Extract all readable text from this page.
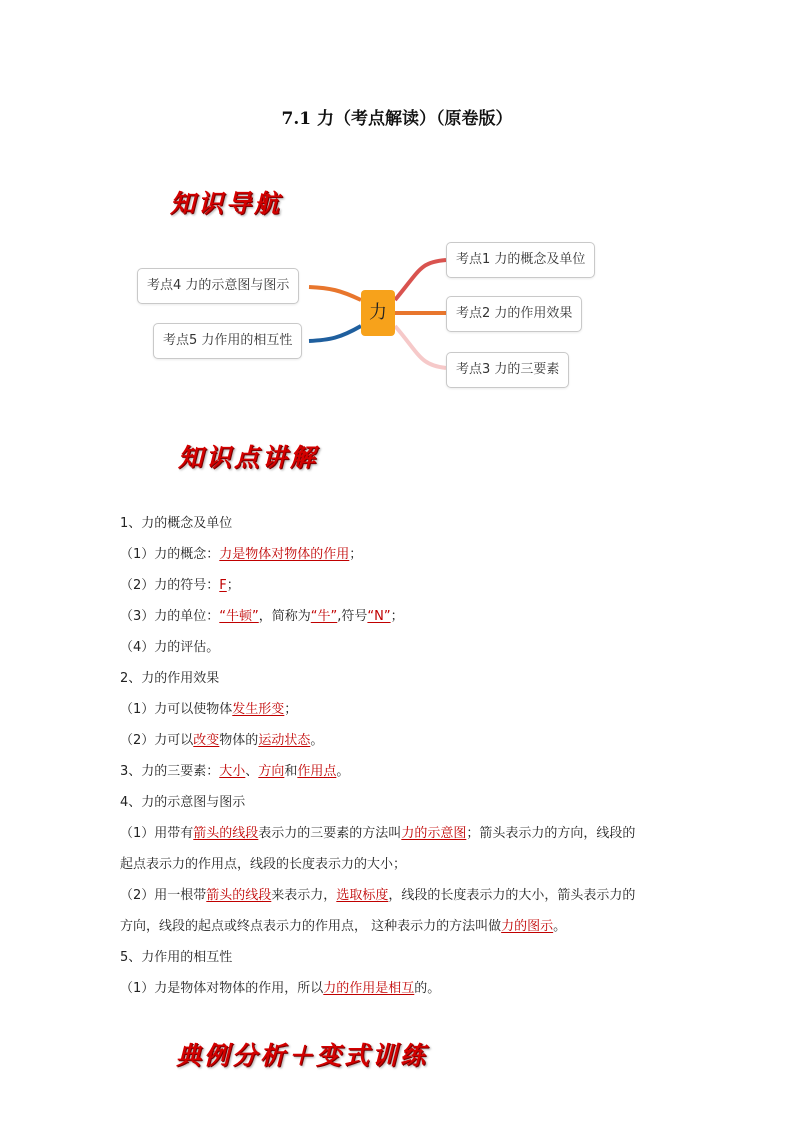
7.1 力（考点解读）（原卷版）
知识导航
力
考点1 力的概念及单位
考点2 力的作用效果
考点3 力的三要素
考点4 力的示意图与图示
考点5 力作用的相互性
知识点讲解
1、力的概念及单位
（1）力的概念：力是物体对物体的作用；
（2）力的符号：F；
（3）力的单位：“牛顿”，简称为“牛”,符号“N”；
（4）力的评估。
2、力的作用效果
（1）力可以使物体发生形变；
（2）力可以改变物体的运动状态。
3、力的三要素：大小、方向和作用点。
4、力的示意图与图示
（1）用带有箭头的线段表示力的三要素的方法叫力的示意图；箭头表示力的方向，线段的
起点表示力的作用点，线段的长度表示力的大小；
（2）用一根带箭头的线段来表示力，选取标度，线段的长度表示力的大小，箭头表示力的
方向，线段的起点或终点表示力的作用点， 这种表示力的方法叫做力的图示。
5、力作用的相互性
（1）力是物体对物体的作用，所以力的作用是相互的。
典例分析＋变式训练
